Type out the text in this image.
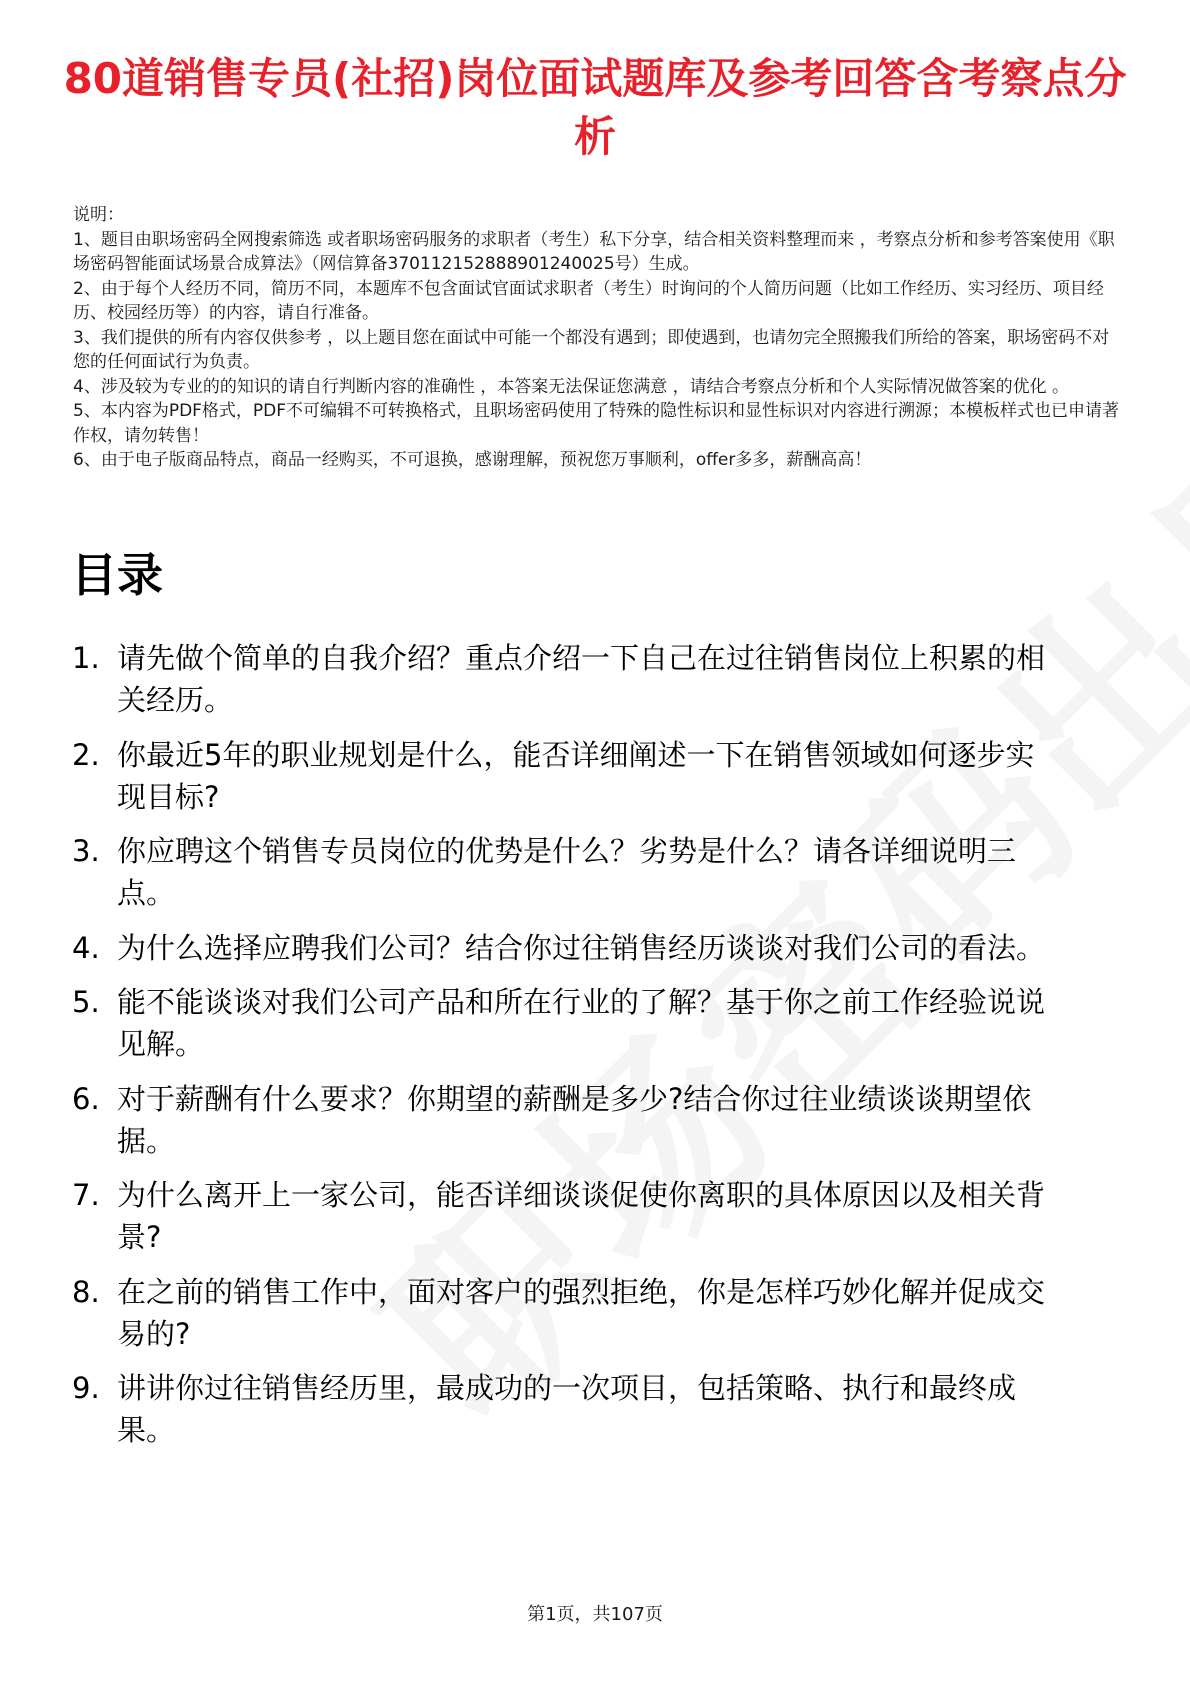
80道销售专员(社招)岗位面试题库及参考回答含考察点分析

说明：

1、题目由职场密码全网搜索筛选 或者职场密码服务的求职者（考生）私下分享，结合相关资料整理而来 ，考察点分析和参考答案使用《职场密码智能面试场景合成算法》（网信算备370112152888901240025号）生成。

2、由于每个人经历不同，简历不同，本题库不包含面试官面试求职者（考生）时询问的个人简历问题（比如工作经历、实习经历、项目经历、校园经历等）的内容，请自行准备。

3、我们提供的所有内容仅供参考 ，以上题目您在面试中可能一个都没有遇到；即使遇到，也请勿完全照搬我们所给的答案，职场密码不对您的任何面试行为负责。

4、涉及较为专业的的知识的请自行判断内容的准确性 ，本答案无法保证您满意 ，请结合考察点分析和个人实际情况做答案的优化 。

5、本内容为PDF格式，PDF不可编辑不可转换格式，且职场密码使用了特殊的隐性标识和显性标识对内容进行溯源；本模板样式也已申请著作权，请勿转售！

6、由于电子版商品特点，商品一经购买，不可退换，感谢理解，预祝您万事顺利，offer多多，薪酬高高！

目录
1. 请先做个简单的自我介绍？重点介绍一下自己在过往销售岗位上积累的相关经历。
2. 你最近5年的职业规划是什么，能否详细阐述一下在销售领域如何逐步实现目标?
3. 你应聘这个销售专员岗位的优势是什么？劣势是什么？请各详细说明三点。
4. 为什么选择应聘我们公司？结合你过往销售经历谈谈对我们公司的看法。
5. 能不能谈谈对我们公司产品和所在行业的了解？基于你之前工作经验说说见解。
6. 对于薪酬有什么要求？你期望的薪酬是多少?结合你过往业绩谈谈期望依据。
7. 为什么离开上一家公司，能否详细谈谈促使你离职的具体原因以及相关背景?
8. 在之前的销售工作中，面对客户的强烈拒绝，你是怎样巧妙化解并促成交易的?
9. 讲讲你过往销售经历里，最成功的一次项目，包括策略、执行和最终成果。
第1页，共107页
